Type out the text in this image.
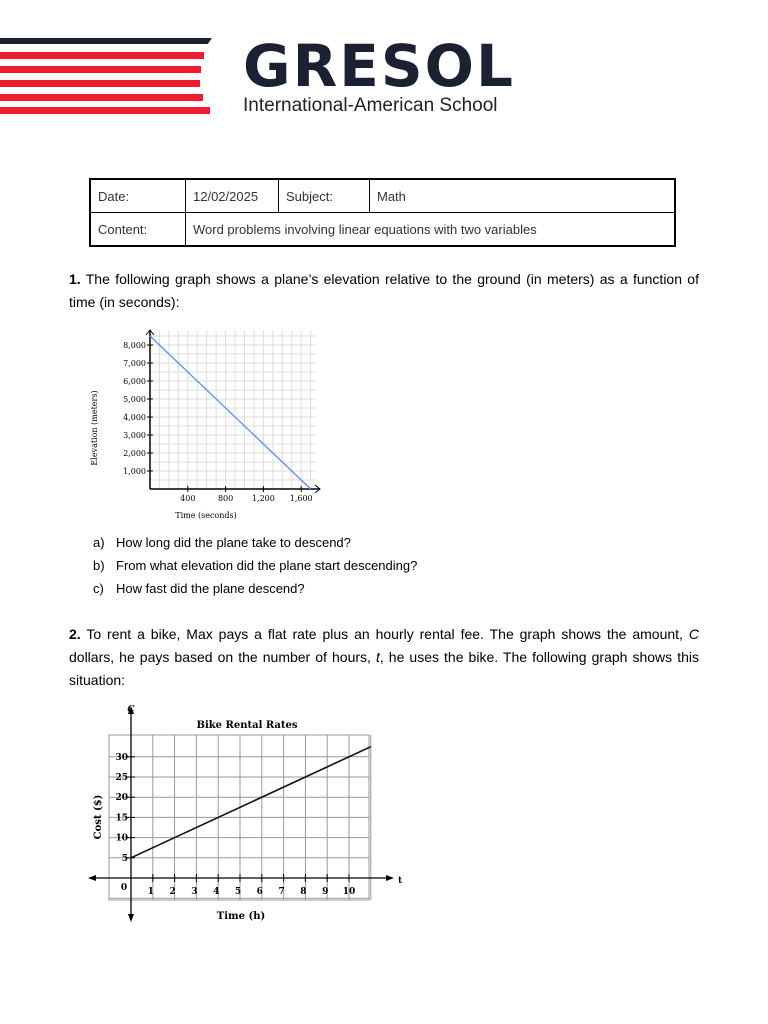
GRESOL
International-American School
Date:	12/02/2025	Subject:	Math
Content:	Word problems involving linear equations with two variables		
1. The following graph shows a plane’s elevation relative to the ground (in meters) as a function of time (in seconds):
400	800 1,200 1,600
1,000
2,000
3,000
4,000
5,000
6,000
7,000
8,000
Time (seconds)
Elevation (meters)
C
t
0
Bike Rental Rates
1 2 3 4 5 6 7 8 9 10
5
10
15
20
25
30
Time (h)
Cost ($)
a) How long did the plane take to descend?
b) From what elevation did the plane start descending?
c) How fast did the plane descend?
2. To rent a bike, Max pays a flat rate plus an hourly rental fee. The graph shows the amount, C dollars, he pays based on the number of hours, t, he uses the bike. The following graph shows this situation:
